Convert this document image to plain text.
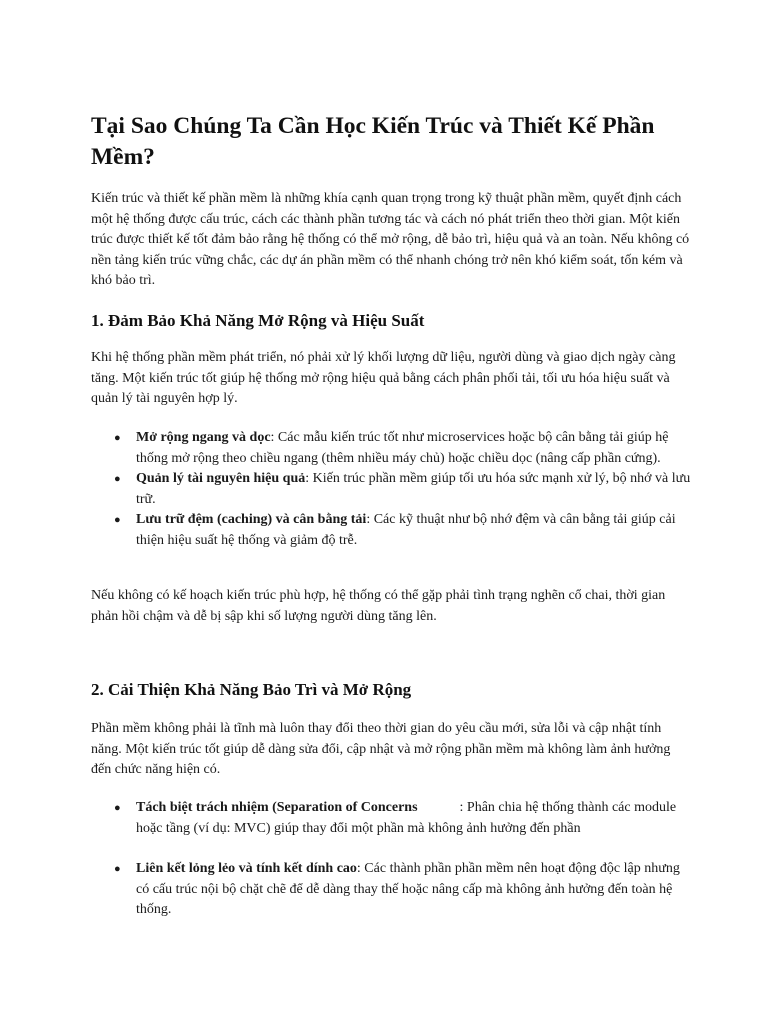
Tại Sao Chúng Ta Cần Học Kiến Trúc và Thiết Kế Phần Mềm?

Kiến trúc và thiết kế phần mềm là những khía cạnh quan trọng trong kỹ thuật phần mềm, quyết định cách một hệ thống được cấu trúc, cách các thành phần tương tác và cách nó phát triển theo thời gian. Một kiến trúc được thiết kế tốt đảm bảo rằng hệ thống có thể mở rộng, dễ bảo trì, hiệu quả và an toàn. Nếu không có nền tảng kiến trúc vững chắc, các dự án phần mềm có thể nhanh chóng trở nên khó kiểm soát, tốn kém và khó bảo trì.

1. Đảm Bảo Khả Năng Mở Rộng và Hiệu Suất

Khi hệ thống phần mềm phát triển, nó phải xử lý khối lượng dữ liệu, người dùng và giao dịch ngày càng tăng. Một kiến trúc tốt giúp hệ thống mở rộng hiệu quả bằng cách phân phối tải, tối ưu hóa hiệu suất và quản lý tài nguyên hợp lý.

● Mở rộng ngang và dọc: Các mẫu kiến trúc tốt như microservices hoặc bộ cân bằng tải giúp hệ thống mở rộng theo chiều ngang (thêm nhiều máy chủ) hoặc chiều dọc (nâng cấp phần cứng).
● Quản lý tài nguyên hiệu quả: Kiến trúc phần mềm giúp tối ưu hóa sức mạnh xử lý, bộ nhớ và lưu trữ.
● Lưu trữ đệm (caching) và cân bằng tải: Các kỹ thuật như bộ nhớ đệm và cân bằng tải giúp cải thiện hiệu suất hệ thống và giảm độ trễ.

Nếu không có kế hoạch kiến trúc phù hợp, hệ thống có thể gặp phải tình trạng nghẽn cổ chai, thời gian phản hồi chậm và dễ bị sập khi số lượng người dùng tăng lên.

2. Cải Thiện Khả Năng Bảo Trì và Mở Rộng

Phần mềm không phải là tĩnh mà luôn thay đổi theo thời gian do yêu cầu mới, sửa lỗi và cập nhật tính năng. Một kiến trúc tốt giúp dễ dàng sửa đổi, cập nhật và mở rộng phần mềm mà không làm ảnh hưởng đến chức năng hiện có.

● Tách biệt trách nhiệm (Separation of Concerns	: Phân chia hệ thống thành các module hoặc tầng (ví dụ: MVC) giúp thay đổi một phần mà không ảnh hưởng đến phần
● Liên kết lỏng lẻo và tính kết dính cao: Các thành phần phần mềm nên hoạt động độc lập nhưng có cấu trúc nội bộ chặt chẽ để dễ dàng thay thế hoặc nâng cấp mà không ảnh hưởng đến toàn hệ thống.
